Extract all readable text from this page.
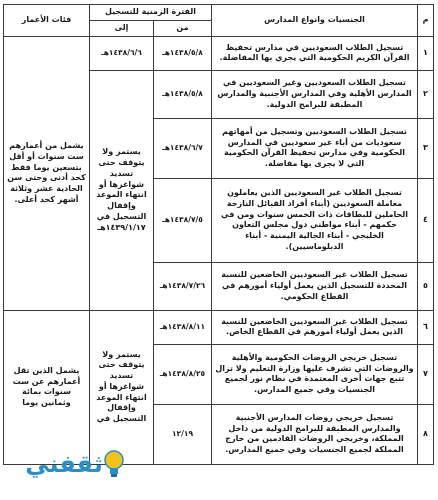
م	الجنسيات وانواع المدارس	الفترة الزمنية للتسجيل		فئات الأعمار
		من	إلى	
١	تسجيل الطلاب السعوديين في مدارس تحفيظ القرآن الكريم الحكومية التي يجري بها المفاضلة.	١٤٣٨/٥/٨هـ	١٤٣٨/٦/٦هـ	يشمل من أعمارهم ست سنوات أو أقل بتسعين يوما فقط كحد أدنى وحتى سن الحادية عشر وثلاثة أشهر كحد أعلى.
٢	تسجيل الطلاب السعوديين وغير السعوديين في المدارس الأهلية وفي المدارس الأجنبية والمدارس المطبقة للبرامج الدولية.	١٤٣٨/٥/٨هـ	يستمر ولا يتوقف حتى تسديد شواغرها أو انتهاء الموعد وإقفال التسجيل في ١٤٣٩/١/١٧هـ	
٣	تسجيل الطلاب السعوديين وتسجيل من أمهاتهم سعوديات من أباء غير سعوديين في المدارس الحكومية وفي مدارس تحفيظ القرآن الحكومية التي لا يجرى بها مفاضلة.	١٤٣٨/٦/٧هـ		
٤	تسجيل الطلاب غير السعوديين الذين يعاملون معاملة السعوديين (أبناء أفراد القبائل النازحة الحاملين للبطاقات ذات الخمس سنوات ومن في حكمهم - أبناء مواطني دول مجلس التعاون الخليجي - أبناء الجالية اليمنية - أبناء الدبلوماسيين).	١٤٣٨/٧/٥هـ		
٥	تسجيل الطلاب غير السعوديين الخاضعين للنسبة المحددة للتسجيل الذين يعمل أولياء أمورهم في القطاع الحكومي.	١٤٣٨/٧/٢٦هـ		
٦	تسجيل الطلاب غير السعوديين الخاضعين للنسبة الذين يعمل أولياء أمورهم في القطاع الخاص.	١٤٣٨/٨/١١هـ	يستمر ولا يتوقف حتى تسديد شواغرها أو انتهاء الموعد وإقفال التسجيل في	يشمل الذين تقل أعمارهم عن ست سنوات بمائة وثمانين يوما
٧	تسجيل خريجي الروضات الحكومية والأهلية والروضات التي تشرف عليها وزارة التعليم ولا تزال تتبع جهات أخرى المعتمدة في نظام نور لجميع الجنسيات وفي جميع المدارس.	١٤٣٨/٨/٢٥هـ		
٨	تسجيل خريجي روضات المدارس الأجنبية والمدارس المطبقة للبرامج الدولية من داخل المملكة، وخريجي الروضات القادمين من خارج المملكة لجميع الجنسيات وفي جميع المدارس.	١٢/١٩		
ثقفني
